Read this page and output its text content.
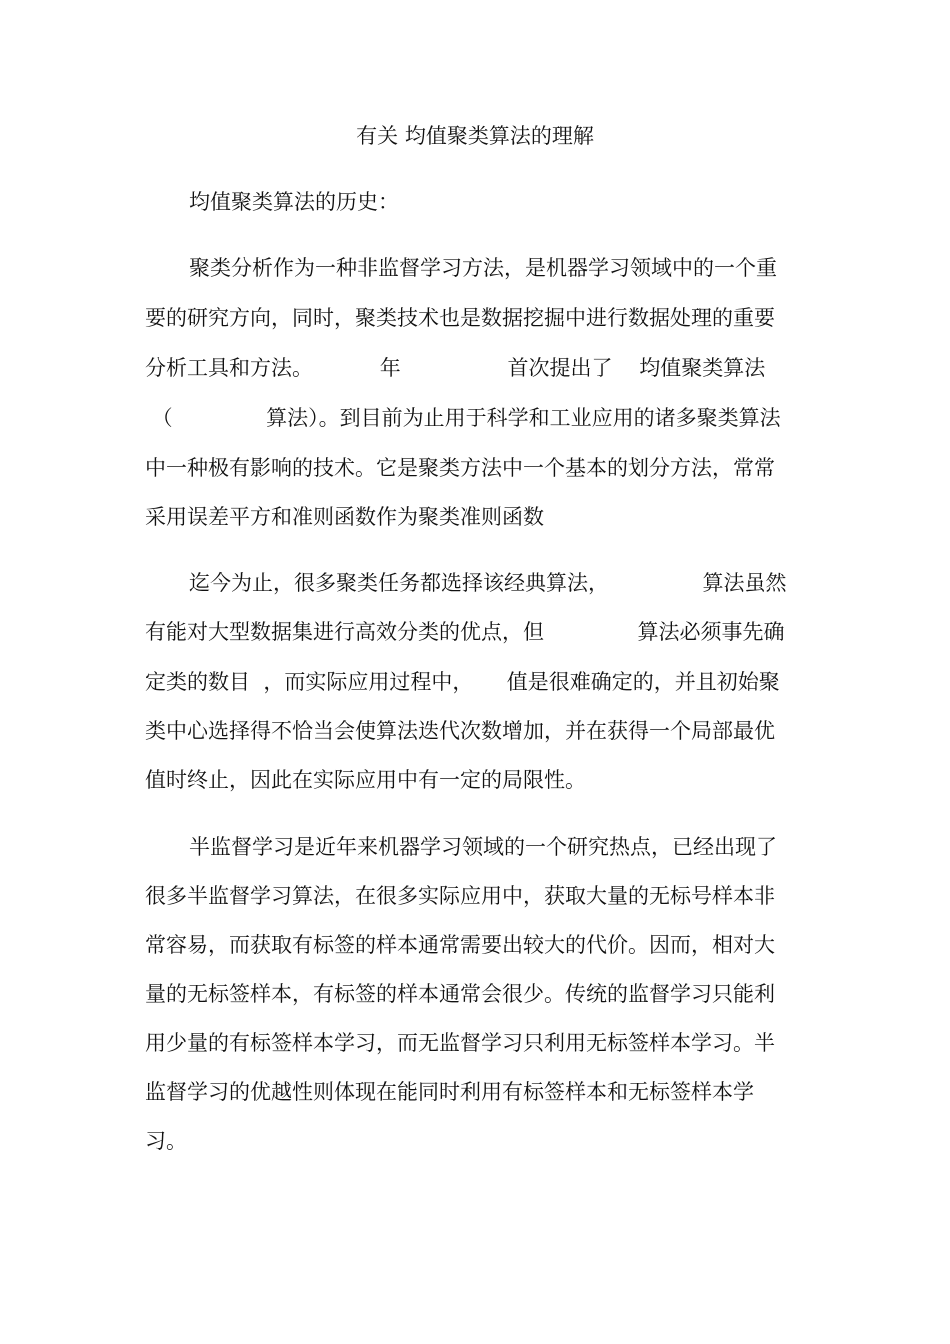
有关 均值聚类算法的理解
均值聚类算法的历史：
聚类分析作为一种非监督学习方法，是机器学习领域中的一个重
要的研究方向，同时，聚类技术也是数据挖掘中进行数据处理的重要
分析工具和方法。          年                首次提出了    均值聚类算法
（              算法）。到目前为止用于科学和工业应用的诸多聚类算法
中一种极有影响的技术。它是聚类方法中一个基本的划分方法，常常
采用误差平方和准则函数作为聚类准则函数
迄今为止，很多聚类任务都选择该经典算法，              算法虽然
有能对大型数据集进行高效分类的优点，但              算法必须事先确
定类的数目  ，而实际应用过程中，     值是很难确定的，并且初始聚
类中心选择得不恰当会使算法迭代次数增加，并在获得一个局部最优
值时终止，因此在实际应用中有一定的局限性。
半监督学习是近年来机器学习领域的一个研究热点，已经出现了
很多半监督学习算法，在很多实际应用中，获取大量的无标号样本非
常容易，而获取有标签的样本通常需要出较大的代价。因而，相对大
量的无标签样本，有标签的样本通常会很少。传统的监督学习只能利
用少量的有标签样本学习，而无监督学习只利用无标签样本学习。半
监督学习的优越性则体现在能同时利用有标签样本和无标签样本学
习。
